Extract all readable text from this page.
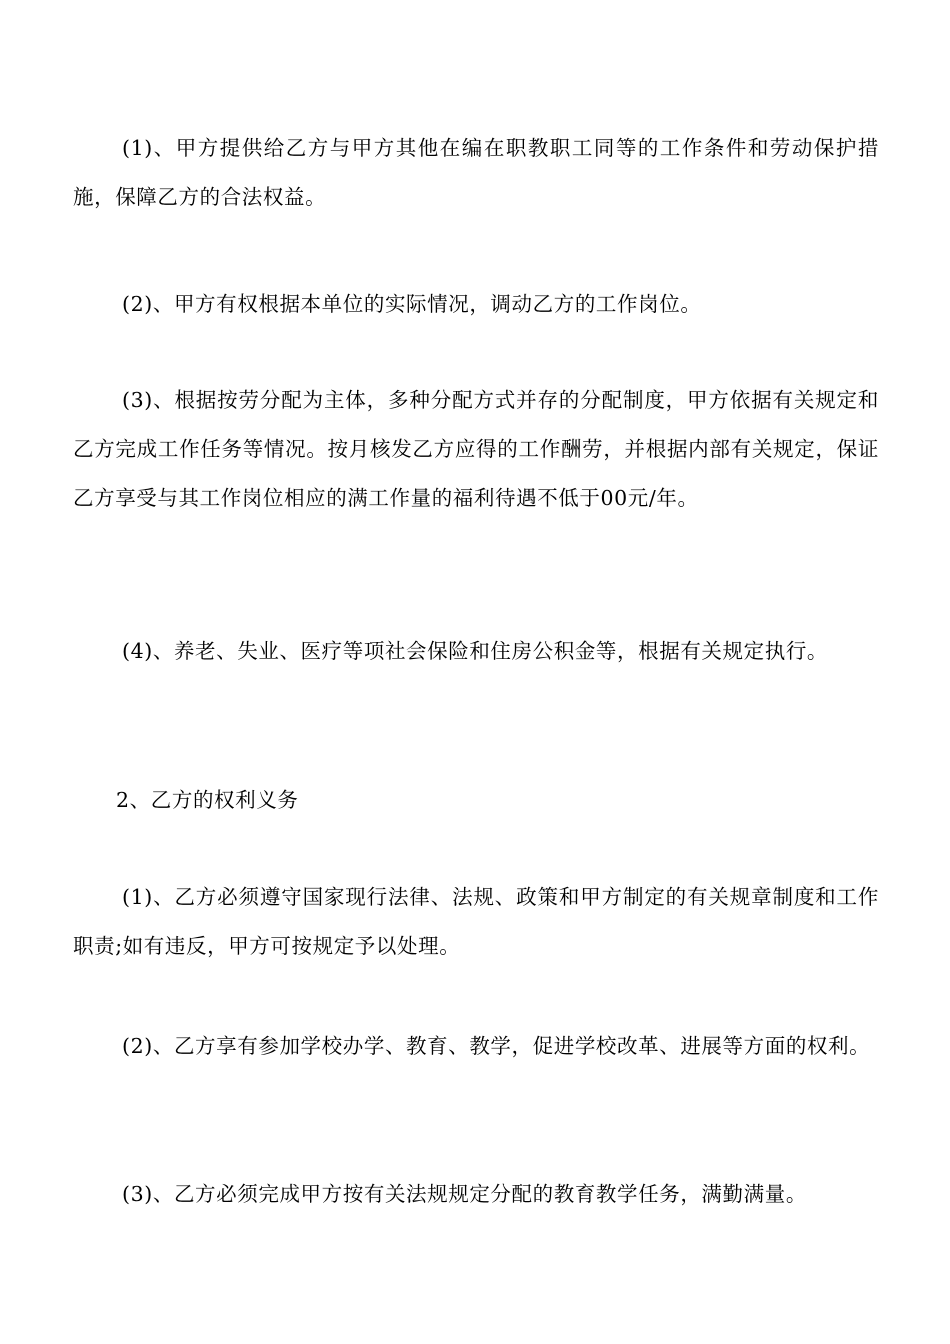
(1)、甲方提供给乙方与甲方其他在编在职教职工同等的工作条件和劳动保护措施，保障乙方的合法权益。

(2)、甲方有权根据本单位的实际情况，调动乙方的工作岗位。

(3)、根据按劳分配为主体，多种分配方式并存的分配制度，甲方依据有关规定和乙方完成工作任务等情况。按月核发乙方应得的工作酬劳，并根据内部有关规定，保证乙方享受与其工作岗位相应的满工作量的福利待遇不低于00元/年。

(4)、养老、失业、医疗等项社会保险和住房公积金等，根据有关规定执行。

2、乙方的权利义务

(1)、乙方必须遵守国家现行法律、法规、政策和甲方制定的有关规章制度和工作职责;如有违反，甲方可按规定予以处理。

(2)、乙方享有参加学校办学、教育、教学，促进学校改革、进展等方面的权利。

(3)、乙方必须完成甲方按有关法规规定分配的教育教学任务，满勤满量。
